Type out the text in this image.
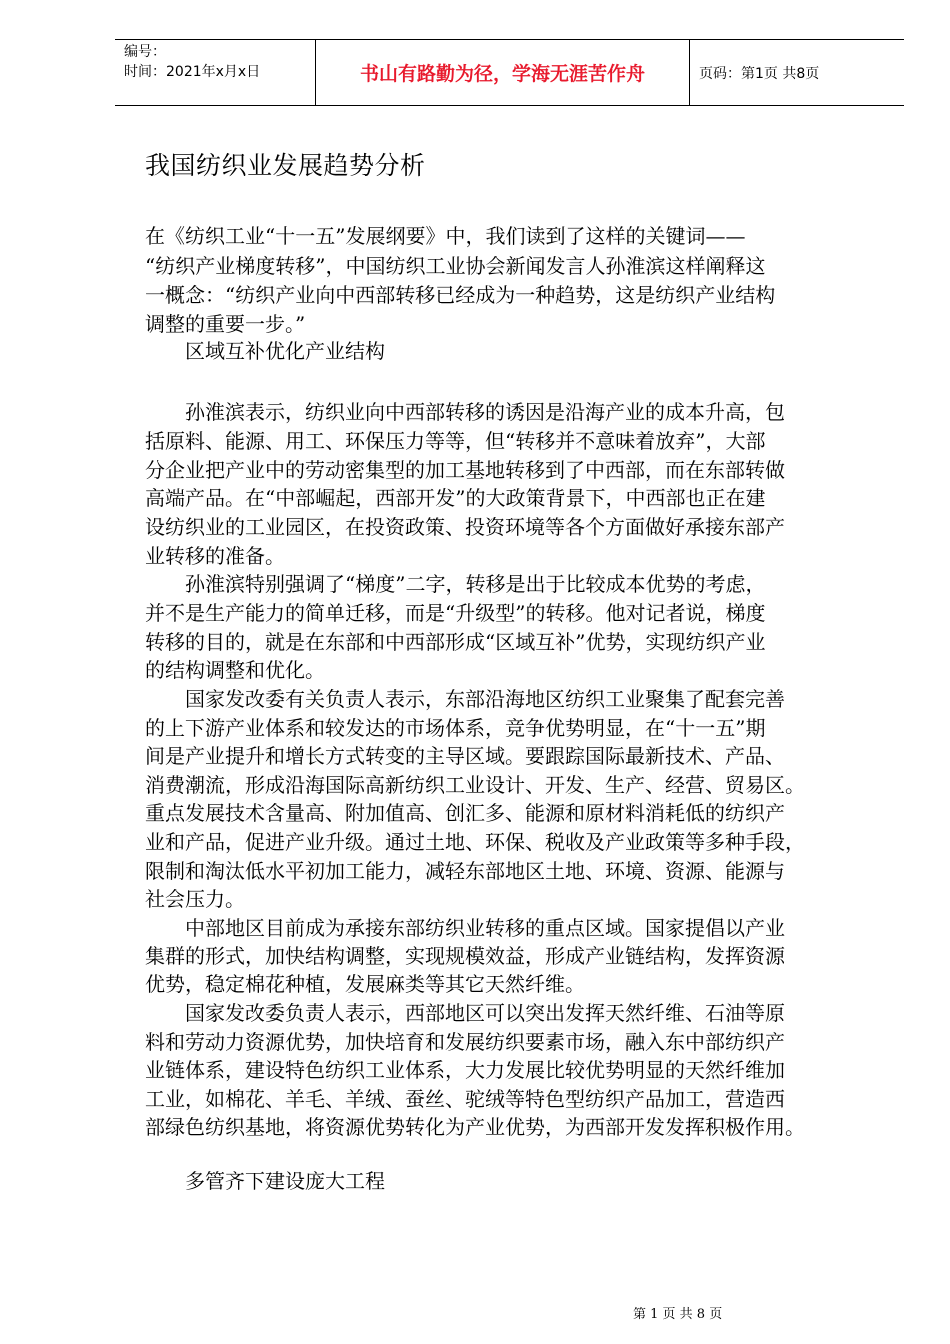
编号：
时间：2021年x月x日	书山有路勤为径，学海无涯苦作舟	页码：第1页 共8页
我国纺织业发展趋势分析
在《纺织工业“十一五”发展纲要》中，我们读到了这样的关键词——
“纺织产业梯度转移”，中国纺织工业协会新闻发言人孙淮滨这样阐释这
一概念：“纺织产业向中西部转移已经成为一种趋势，这是纺织产业结构
调整的重要一步。”
　　区域互补优化产业结构
　　孙淮滨表示，纺织业向中西部转移的诱因是沿海产业的成本升高，包
括原料、能源、用工、环保压力等等，但“转移并不意味着放弃”，大部
分企业把产业中的劳动密集型的加工基地转移到了中西部，而在东部转做
高端产品。在“中部崛起，西部开发”的大政策背景下，中西部也正在建
设纺织业的工业园区，在投资政策、投资环境等各个方面做好承接东部产
业转移的准备。
　　孙淮滨特别强调了“梯度”二字，转移是出于比较成本优势的考虑，
并不是生产能力的简单迁移，而是“升级型”的转移。他对记者说，梯度
转移的目的，就是在东部和中西部形成“区域互补”优势，实现纺织产业
的结构调整和优化。
　　国家发改委有关负责人表示，东部沿海地区纺织工业聚集了配套完善
的上下游产业体系和较发达的市场体系，竞争优势明显，在“十一五”期
间是产业提升和增长方式转变的主导区域。要跟踪国际最新技术、产品、
消费潮流，形成沿海国际高新纺织工业设计、开发、生产、经营、贸易区。
重点发展技术含量高、附加值高、创汇多、能源和原材料消耗低的纺织产
业和产品，促进产业升级。通过土地、环保、税收及产业政策等多种手段，
限制和淘汰低水平初加工能力，减轻东部地区土地、环境、资源、能源与
社会压力。
　　中部地区目前成为承接东部纺织业转移的重点区域。国家提倡以产业
集群的形式，加快结构调整，实现规模效益，形成产业链结构，发挥资源
优势，稳定棉花种植，发展麻类等其它天然纤维。
　　国家发改委负责人表示，西部地区可以突出发挥天然纤维、石油等原
料和劳动力资源优势，加快培育和发展纺织要素市场，融入东中部纺织产
业链体系，建设特色纺织工业体系，大力发展比较优势明显的天然纤维加
工业，如棉花、羊毛、羊绒、蚕丝、驼绒等特色型纺织产品加工，营造西
部绿色纺织基地，将资源优势转化为产业优势，为西部开发发挥积极作用。
　　多管齐下建设庞大工程
第 1 页 共 8 页
